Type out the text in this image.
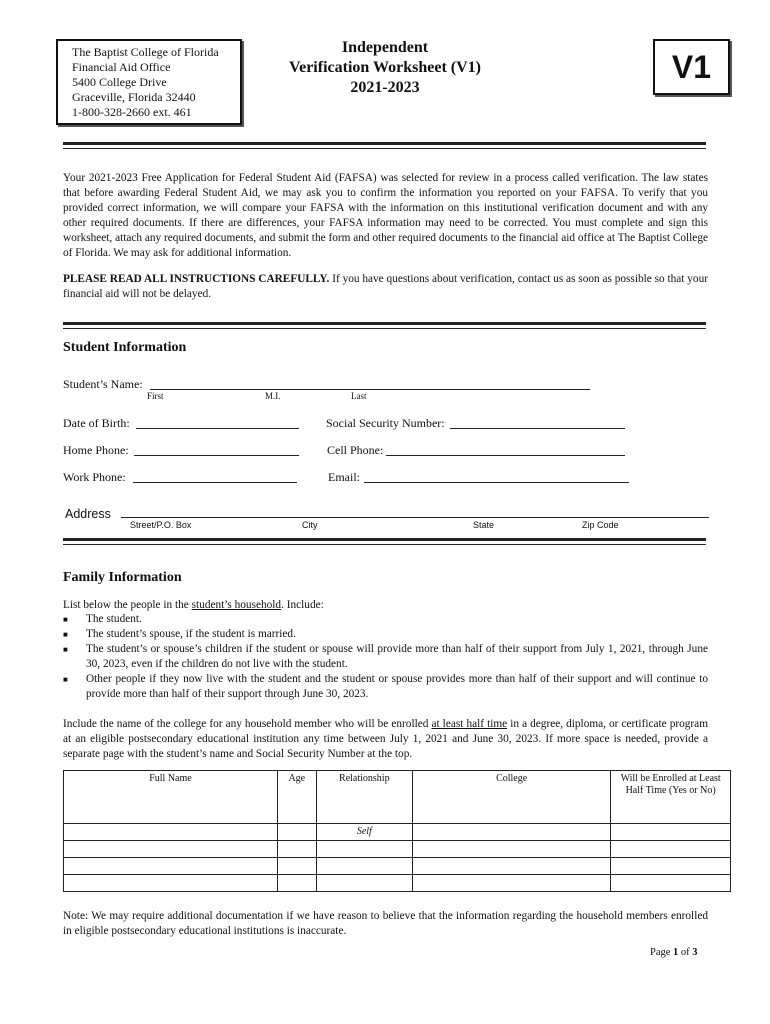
The Baptist College of Florida
Financial Aid Office
5400 College Drive
Graceville, Florida 32440
1-800-328-2660 ext. 461
Independent
Verification Worksheet (V1)
2021-2023
V1
Your 2021-2023 Free Application for Federal Student Aid (FAFSA) was selected for review in a process called verification. The law states that before awarding Federal Student Aid, we may ask you to confirm the information you reported on your FAFSA. To verify that you provided correct information, we will compare your FAFSA with the information on this institutional verification document and with any other required documents. If there are differences, your FAFSA information may need to be corrected. You must complete and sign this worksheet, attach any required documents, and submit the form and other required documents to the financial aid office at The Baptist College of Florida. We may ask for additional information.
PLEASE READ ALL INSTRUCTIONS CAREFULLY. If you have questions about verification, contact us as soon as possible so that your financial aid will not be delayed.
Student Information
Student’s Name:
First	M.I.	Last
Date of Birth:	Social Security Number:
Home Phone:	Cell Phone:
Work Phone:	Email:
Address
Street/P.O. Box	City	State	Zip Code
Family Information
List below the people in the student’s household. Include:
■ The student.
■ The student’s spouse, if the student is married.
■ The student’s or spouse’s children if the student or spouse will provide more than half of their support from July 1, 2021, through June 30, 2023, even if the children do not live with the student.
■ Other people if they now live with the student and the student or spouse provides more than half of their support and will continue to provide more than half of their support through June 30, 2023.
Include the name of the college for any household member who will be enrolled at least half time in a degree, diploma, or certificate program at an eligible postsecondary educational institution any time between July 1, 2021 and June 30, 2023. If more space is needed, provide a separate page with the student’s name and Social Security Number at the top.
Full Name	Age	Relationship	College	Will be Enrolled at Least Half Time (Yes or No)
		Self		

Note: We may require additional documentation if we have reason to believe that the information regarding the household members enrolled in eligible postsecondary educational institutions is inaccurate.
Page 1 of 3
